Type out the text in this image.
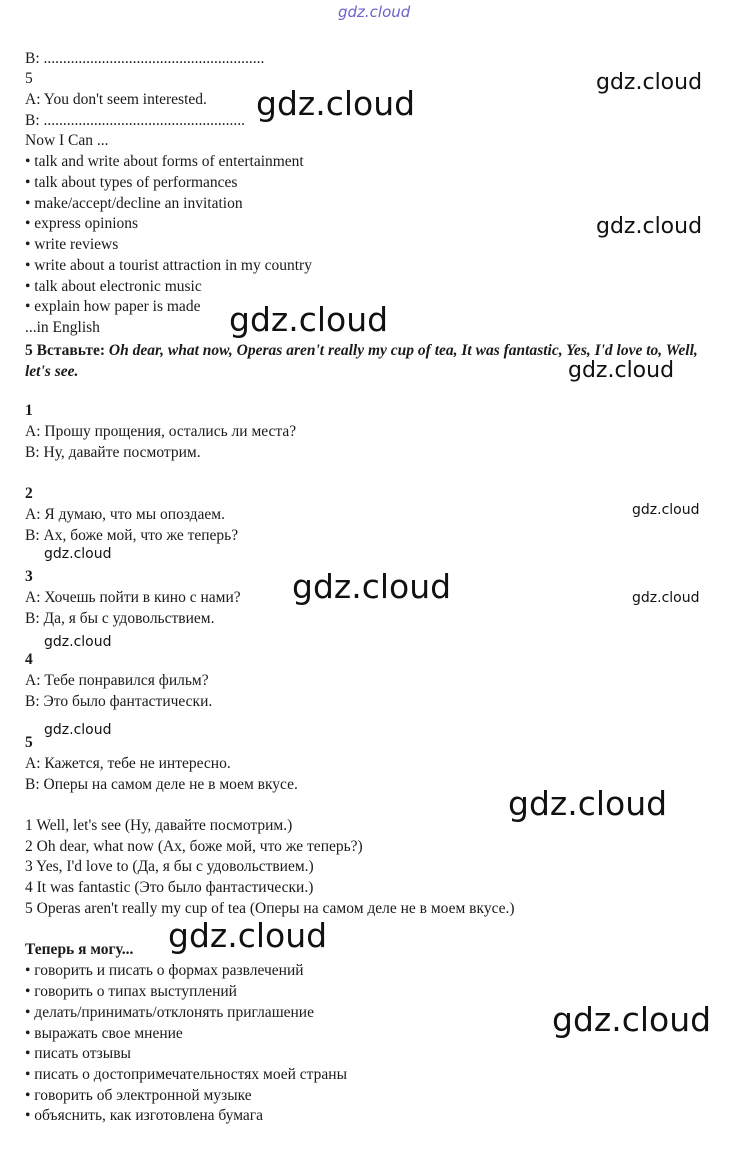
gdz.cloud
B: .........................................................
5
A: You don't seem interested.
B: ....................................................
Now I Can ...
• talk and write about forms of entertainment
• talk about types of performances
• make/accept/decline an invitation
• express opinions
• write reviews
• write about a tourist attraction in my country
• talk about electronic music
• explain how paper is made
...in English
5 Вставьте: Oh dear, what now, Operas aren't really my cup of tea, It was fantastic, Yes, I'd love to, Well, let's see.
1
A: Прошу прощения, остались ли места?
B: Ну, давайте посмотрим.
2
A: Я думаю, что мы опоздаем.
B: Ах, боже мой, что же теперь?
3
A: Хочешь пойти в кино с нами?
B: Да, я бы с удовольствием.
4
A: Тебе понравился фильм?
B: Это было фантастически.
5
A: Кажется, тебе не интересно.
B: Оперы на самом деле не в моем вкусе.
1 Well, let's see (Ну, давайте посмотрим.)
2 Oh dear, what now (Ах, боже мой, что же теперь?)
3 Yes, I'd love to (Да, я бы с удовольствием.)
4 It was fantastic (Это было фантастически.)
5 Operas aren't really my cup of tea (Оперы на самом деле не в моем вкусе.)
Теперь я могу...
• говорить и писать о формах развлечений
• говорить о типах выступлений
• делать/принимать/отклонять приглашение
• выражать свое мнение
• писать отзывы
• писать о достопримечательностях моей страны
• говорить об электронной музыке
• объяснить, как изготовлена бумага
gdz.cloud
gdz.cloud
gdz.cloud
gdz.cloud
gdz.cloud
gdz.cloud
gdz.cloud
gdz.cloud	gdz.cloud
gdz.cloud
gdz.cloud
gdz.cloud
gdz.cloud
gdz.cloud
